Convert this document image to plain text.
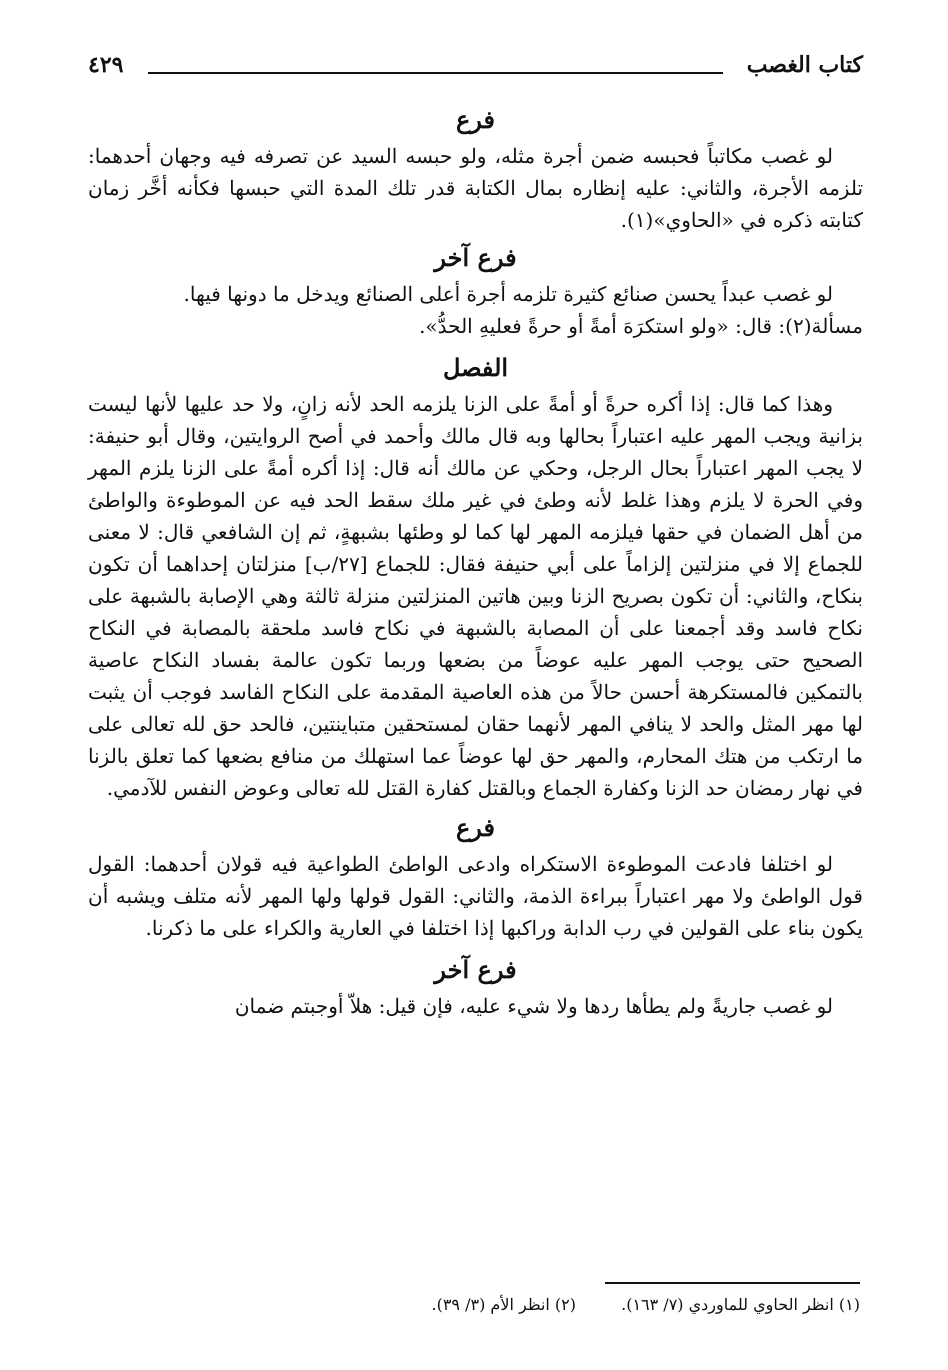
كتاب الغصب
٤٢٩
فرع

لو غصب مكاتباً فحبسه ضمن أجرة مثله، ولو حبسه السيد عن تصرفه فيه وجهان أحدهما: تلزمه الأجرة، والثاني: عليه إنظاره بمال الكتابة قدر تلك المدة التي حبسها فكأنه أخَّر زمان كتابته ذكره في «الحاوي»(١).

فرع آخر

لو غصب عبداً يحسن صنائع كثيرة تلزمه أجرة أعلى الصنائع ويدخل ما دونها فيها.

مسألة(٢): قال: «ولو استكرَهَ أمةً أو حرةً فعليهِ الحدُّ».

الفصل

وهذا كما قال: إذا أكره حرةً أو أمةً على الزنا يلزمه الحد لأنه زانٍ، ولا حد عليها لأنها ليست بزانية ويجب المهر عليه اعتباراً بحالها وبه قال مالك وأحمد في أصح الروايتين، وقال أبو حنيفة: لا يجب المهر اعتباراً بحال الرجل، وحكي عن مالك أنه قال: إذا أكره أمةً على الزنا يلزم المهر وفي الحرة لا يلزم وهذا غلط لأنه وطئ في غير ملك سقط الحد فيه عن الموطوءة والواطئ من أهل الضمان في حقها فيلزمه المهر لها كما لو وطئها بشبهةٍ، ثم إن الشافعي قال: لا معنى للجماع إلا في منزلتين إلزاماً على أبي حنيفة فقال: للجماع [٢٧/ب] منزلتان إحداهما أن تكون بنكاح، والثاني: أن تكون بصريح الزنا وبين هاتين المنزلتين منزلة ثالثة وهي الإصابة بالشبهة على نكاح فاسد وقد أجمعنا على أن المصابة بالشبهة في نكاح فاسد ملحقة بالمصابة في النكاح الصحيح حتى يوجب المهر عليه عوضاً من بضعها وربما تكون عالمة بفساد النكاح عاصية بالتمكين فالمستكرهة أحسن حالاً من هذه العاصية المقدمة على النكاح الفاسد فوجب أن يثبت لها مهر المثل والحد لا ينافي المهر لأنهما حقان لمستحقين متباينتين، فالحد حق لله تعالى على ما ارتكب من هتك المحارم، والمهر حق لها عوضاً عما استهلك من منافع بضعها كما تعلق بالزنا في نهار رمضان حد الزنا وكفارة الجماع وبالقتل كفارة القتل لله تعالى وعوض النفس للآدمي.

فرع

لو اختلفا فادعت الموطوءة الاستكراه وادعى الواطئ الطواعية فيه قولان أحدهما: القول قول الواطئ ولا مهر اعتباراً ببراءة الذمة، والثاني: القول قولها ولها المهر لأنه متلف ويشبه أن يكون بناء على القولين في رب الدابة وراكبها إذا اختلفا في العارية والكراء على ما ذكرنا.

فرع آخر

لو غصب جاريةً ولم يطأها ردها ولا شيء عليه، فإن قيل: هلاّ أوجبتم ضمان

(١) انظر الحاوي للماوردي (٧/ ١٦٣). (٢) انظر الأم (٣/ ٣٩).
